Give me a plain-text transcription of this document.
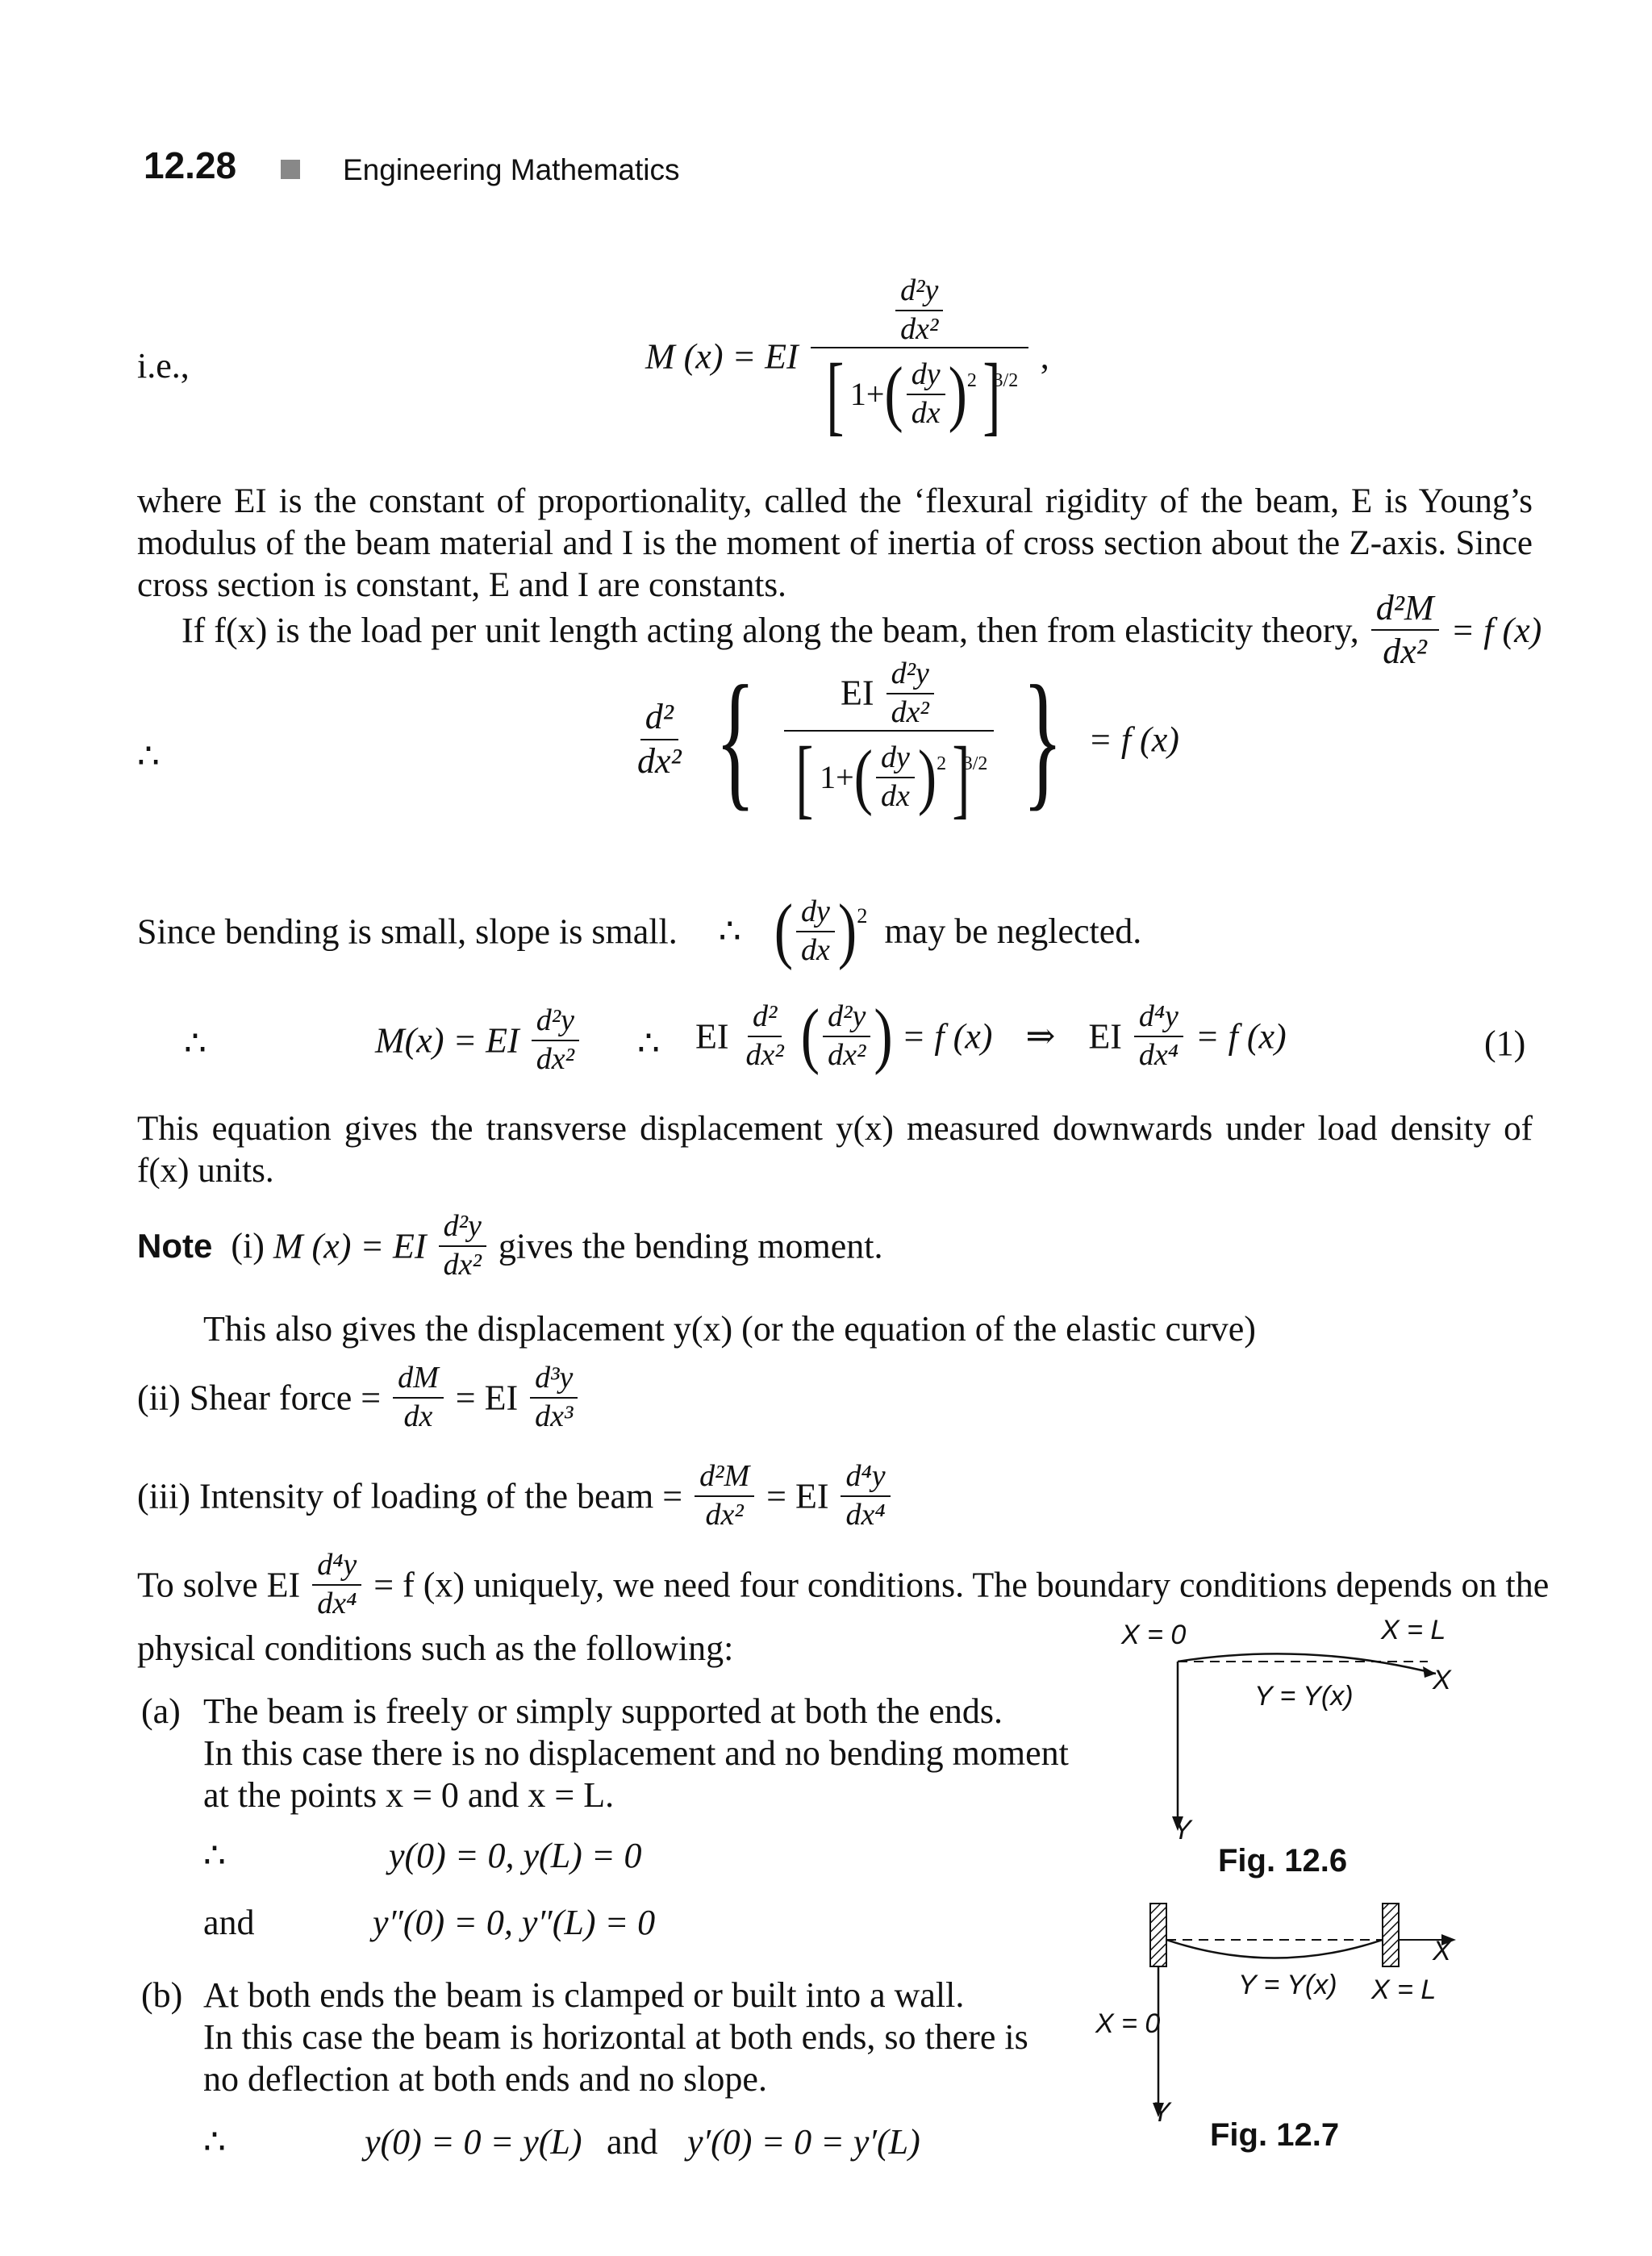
12.28	Engineering Mathematics
i.e.,	M (x) = EI $\frac{\frac{\text{d²y}}{\text{dx²}}}{[ 1+( \frac{dy}{dx} )^2]^{3/2}}$ ,
where EI is the constant of proportionality, called the ‘flexural rigidity of the beam, E is Young’s modulus of the beam material and I is the moment of inertia of cross section about the Z-axis. Since cross section is constant, E and I are constants.
If f(x) is the load per unit length acting along the beam, then from elasticity theory, $\frac{\text{d²M}}{\text{dx²}} = f$ (x)
∴	$\frac{\text{d²}}{\text{dx²}}$ { $\frac{EI \frac{\text{d²y}}{\text{dx²}}}{[ 1+( \frac{dy}{dx} )^2]^{3/2}}$ } = f (x)
Since bending is small, slope is small. ∴ ( $\frac{dy}{dx} )^2$ may be neglected.
∴	M(x) = EI $\frac{\text{d²y}}{\text{dx²}}$ ∴ EI $\frac{\text{d²}}{\text{dx²}}$ ( $\frac{\text{d²y}}{\text{dx²}}$ ) = f (x) ⇒ EI $\frac{\text{d⁴y}}{\text{dx⁴}} = f$ (x)	(1)
This equation gives the transverse displacement y(x) measured downwards under load density of f(x) units.
Note (i) M (x) = EI $\frac{\text{d²y}}{\text{dx²}}$ gives the bending moment.
This also gives the displacement y(x) (or the equation of the elastic curve)
(ii) Shear force = $\frac{dM}{dx}$ = EI $\frac{\text{d³y}}{\text{dx³}}$
(iii) Intensity of loading of the beam = $\frac{\text{d²M}}{\text{dx²}}$ = EI $\frac{\text{d⁴y}}{\text{dx⁴}}$
To solve EI $\frac{\text{d⁴y}}{\text{dx⁴}} = f$ (x) uniquely, we need four conditions. The boundary conditions depends on the
physical conditions such as the following:
(a) The beam is freely or simply supported at both the ends.
In this case there is no displacement and no bending moment
at the points x = 0 and x = L.
∴	y(0) = 0, y(L) = 0
and	y″(0) = 0, y″(L) = 0
(b) At both ends the beam is clamped or built into a wall.
In this case the beam is horizontal at both ends, so there is
no deflection at both ends and no slope.
∴	y(0) = 0 = y(L) and y′(0) = 0 = y′(L)
X = 0	X = L
X
Y = Y(x)
Y
Fig. 12.6
X
Y = Y(x) X = L
X = 0
Y
Fig. 12.7
